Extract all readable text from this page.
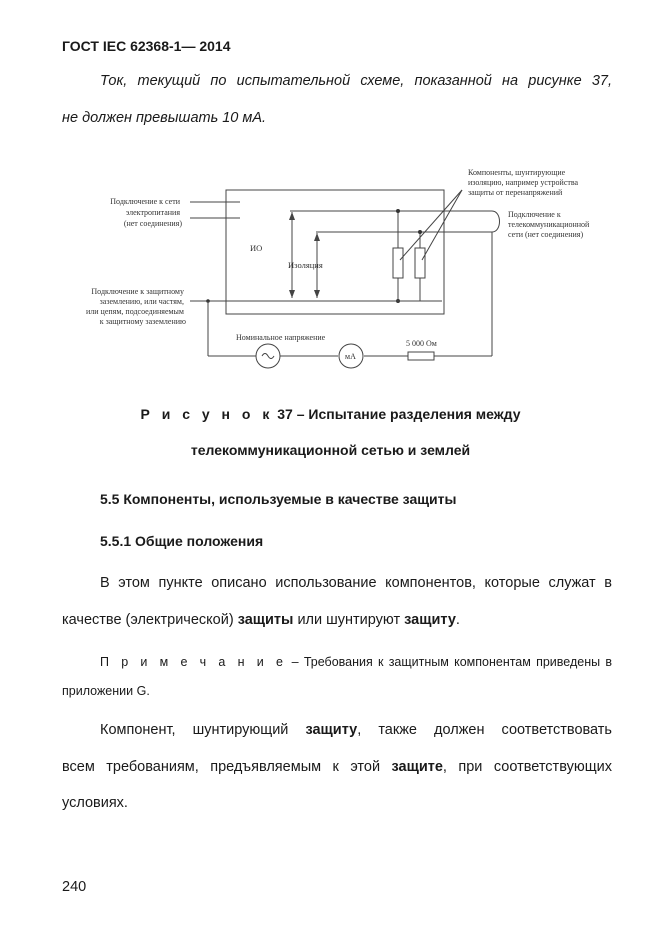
ГОСТ IEC 62368-1— 2014
Ток, текущий по испытательной схеме, показанной на рисунке 37,
не должен превышать 10 мА.
Подключение к сети электропитания (нет соединения)
Компоненты, шунтирующие изоляцию, например устройства защиты от перенапряжений
Подключение к телекоммуникационной сети (нет соединения)
ИО
Изоляция
Подключение к защитному заземлению, или частям, или цепям, подсоединяемым к защитному заземлению
Номинальное напряжение
мА
5 000 Ом
Р и с у н о к 37 – Испытание разделения между
телекоммуникационной сетью и землей
5.5 Компоненты, используемые в качестве защиты
5.5.1 Общие положения
В этом пункте описано использование компонентов, которые служат в
качестве (электрической) защиты или шунтируют защиту.
П р и м е ч а н и е – Требования к защитным компонентам приведены в
приложении G.
Компонент, шунтирующий защиту, также должен соответствовать
всем требованиям, предъявляемым к этой защите, при соответствующих
условиях.
240
